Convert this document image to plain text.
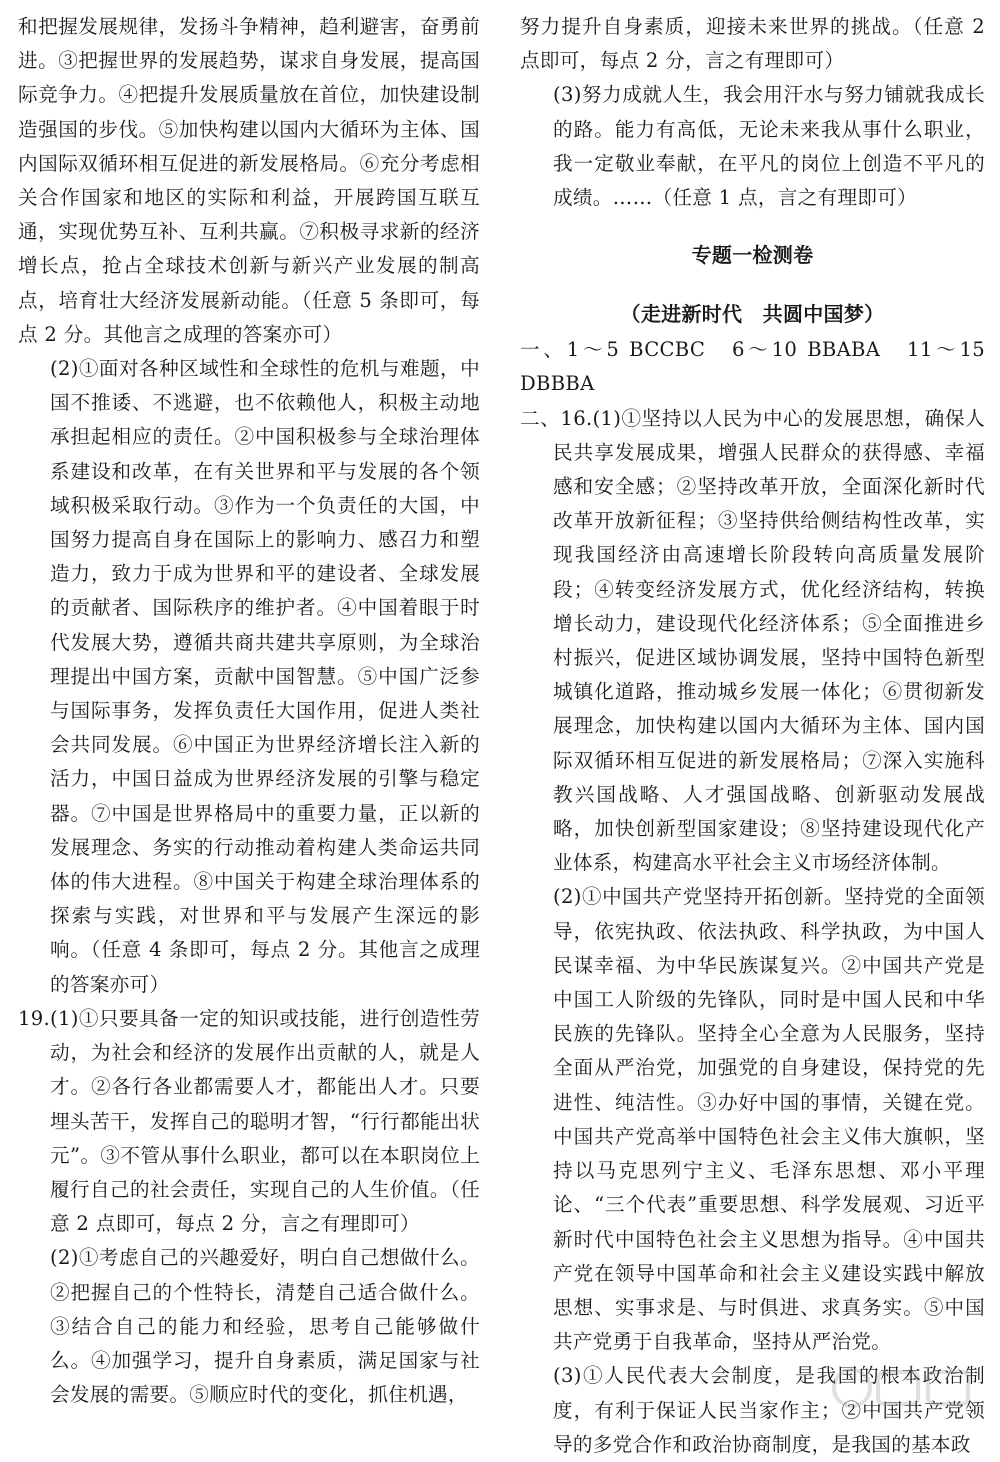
和把握发展规律，发扬斗争精神，趋利避害，奋勇前进。③把握世界的发展趋势，谋求自身发展，提高国际竞争力。④把提升发展质量放在首位，加快建设制造强国的步伐。⑤加快构建以国内大循环为主体、国内国际双循环相互促进的新发展格局。⑥充分考虑相关合作国家和地区的实际和利益，开展跨国互联互通，实现优势互补、互利共赢。⑦积极寻求新的经济增长点，抢占全球技术创新与新兴产业发展的制高点，培育壮大经济发展新动能。（任意 5 条即可，每点 2 分。其他言之成理的答案亦可）

(2)①面对各种区域性和全球性的危机与难题，中国不推诿、不逃避，也不依赖他人，积极主动地承担起相应的责任。②中国积极参与全球治理体系建设和改革，在有关世界和平与发展的各个领域积极采取行动。③作为一个负责任的大国，中国努力提高自身在国际上的影响力、感召力和塑造力，致力于成为世界和平的建设者、全球发展的贡献者、国际秩序的维护者。④中国着眼于时代发展大势，遵循共商共建共享原则，为全球治理提出中国方案，贡献中国智慧。⑤中国广泛参与国际事务，发挥负责任大国作用，促进人类社会共同发展。⑥中国正为世界经济增长注入新的活力，中国日益成为世界经济发展的引擎与稳定器。⑦中国是世界格局中的重要力量，正以新的发展理念、务实的行动推动着构建人类命运共同体的伟大进程。⑧中国关于构建全球治理体系的探索与实践，对世界和平与发展产生深远的影响。（任意 4 条即可，每点 2 分。其他言之成理的答案亦可）

19.(1)①只要具备一定的知识或技能，进行创造性劳动，为社会和经济的发展作出贡献的人，就是人才。②各行各业都需要人才，都能出人才。只要埋头苦干，发挥自己的聪明才智，“行行都能出状元”。③不管从事什么职业，都可以在本职岗位上履行自己的社会责任，实现自己的人生价值。（任意 2 点即可，每点 2 分，言之有理即可）

(2)①考虑自己的兴趣爱好，明白自己想做什么。②把握自己的个性特长，清楚自己适合做什么。③结合自己的能力和经验，思考自己能够做什么。④加强学习，提升自身素质，满足国家与社会发展的需要。⑤顺应时代的变化，抓住机遇，

努力提升自身素质，迎接未来世界的挑战。（任意 2 点即可，每点 2 分，言之有理即可）

(3)努力成就人生，我会用汗水与努力铺就我成长的路。能力有高低，无论未来我从事什么职业，我一定敬业奉献，在平凡的岗位上创造不平凡的成绩。……（任意 1 点，言之有理即可）

专题一检测卷
（走进新时代　共圆中国梦）

一、1～5 BCCBC　6～10 BBABA　11～15 DBBBA

二、16.(1)①坚持以人民为中心的发展思想，确保人民共享发展成果，增强人民群众的获得感、幸福感和安全感；②坚持改革开放，全面深化新时代改革开放新征程；③坚持供给侧结构性改革，实现我国经济由高速增长阶段转向高质量发展阶段；④转变经济发展方式，优化经济结构，转换增长动力，建设现代化经济体系；⑤全面推进乡村振兴，促进区域协调发展，坚持中国特色新型城镇化道路，推动城乡发展一体化；⑥贯彻新发展理念，加快构建以国内大循环为主体、国内国际双循环相互促进的新发展格局；⑦深入实施科教兴国战略、人才强国战略、创新驱动发展战略，加快创新型国家建设；⑧坚持建设现代化产业体系，构建高水平社会主义市场经济体制。

(2)①中国共产党坚持开拓创新。坚持党的全面领导，依宪执政、依法执政、科学执政，为中国人民谋幸福、为中华民族谋复兴。②中国共产党是中国工人阶级的先锋队，同时是中国人民和中华民族的先锋队。坚持全心全意为人民服务，坚持全面从严治党，加强党的自身建设，保持党的先进性、纯洁性。③办好中国的事情，关键在党。中国共产党高举中国特色社会主义伟大旗帜，坚持以马克思列宁主义、毛泽东思想、邓小平理论、“三个代表”重要思想、科学发展观、习近平新时代中国特色社会主义思想为指导。④中国共产党在领导中国革命和社会主义建设实践中解放思想、实事求是、与时俱进、求真务实。⑤中国共产党勇于自我革命，坚持从严治党。

(3)①人民代表大会制度，是我国的根本政治制度，有利于保证人民当家作主；②中国共产党领导的多党合作和政治协商制度，是我国的基本政
